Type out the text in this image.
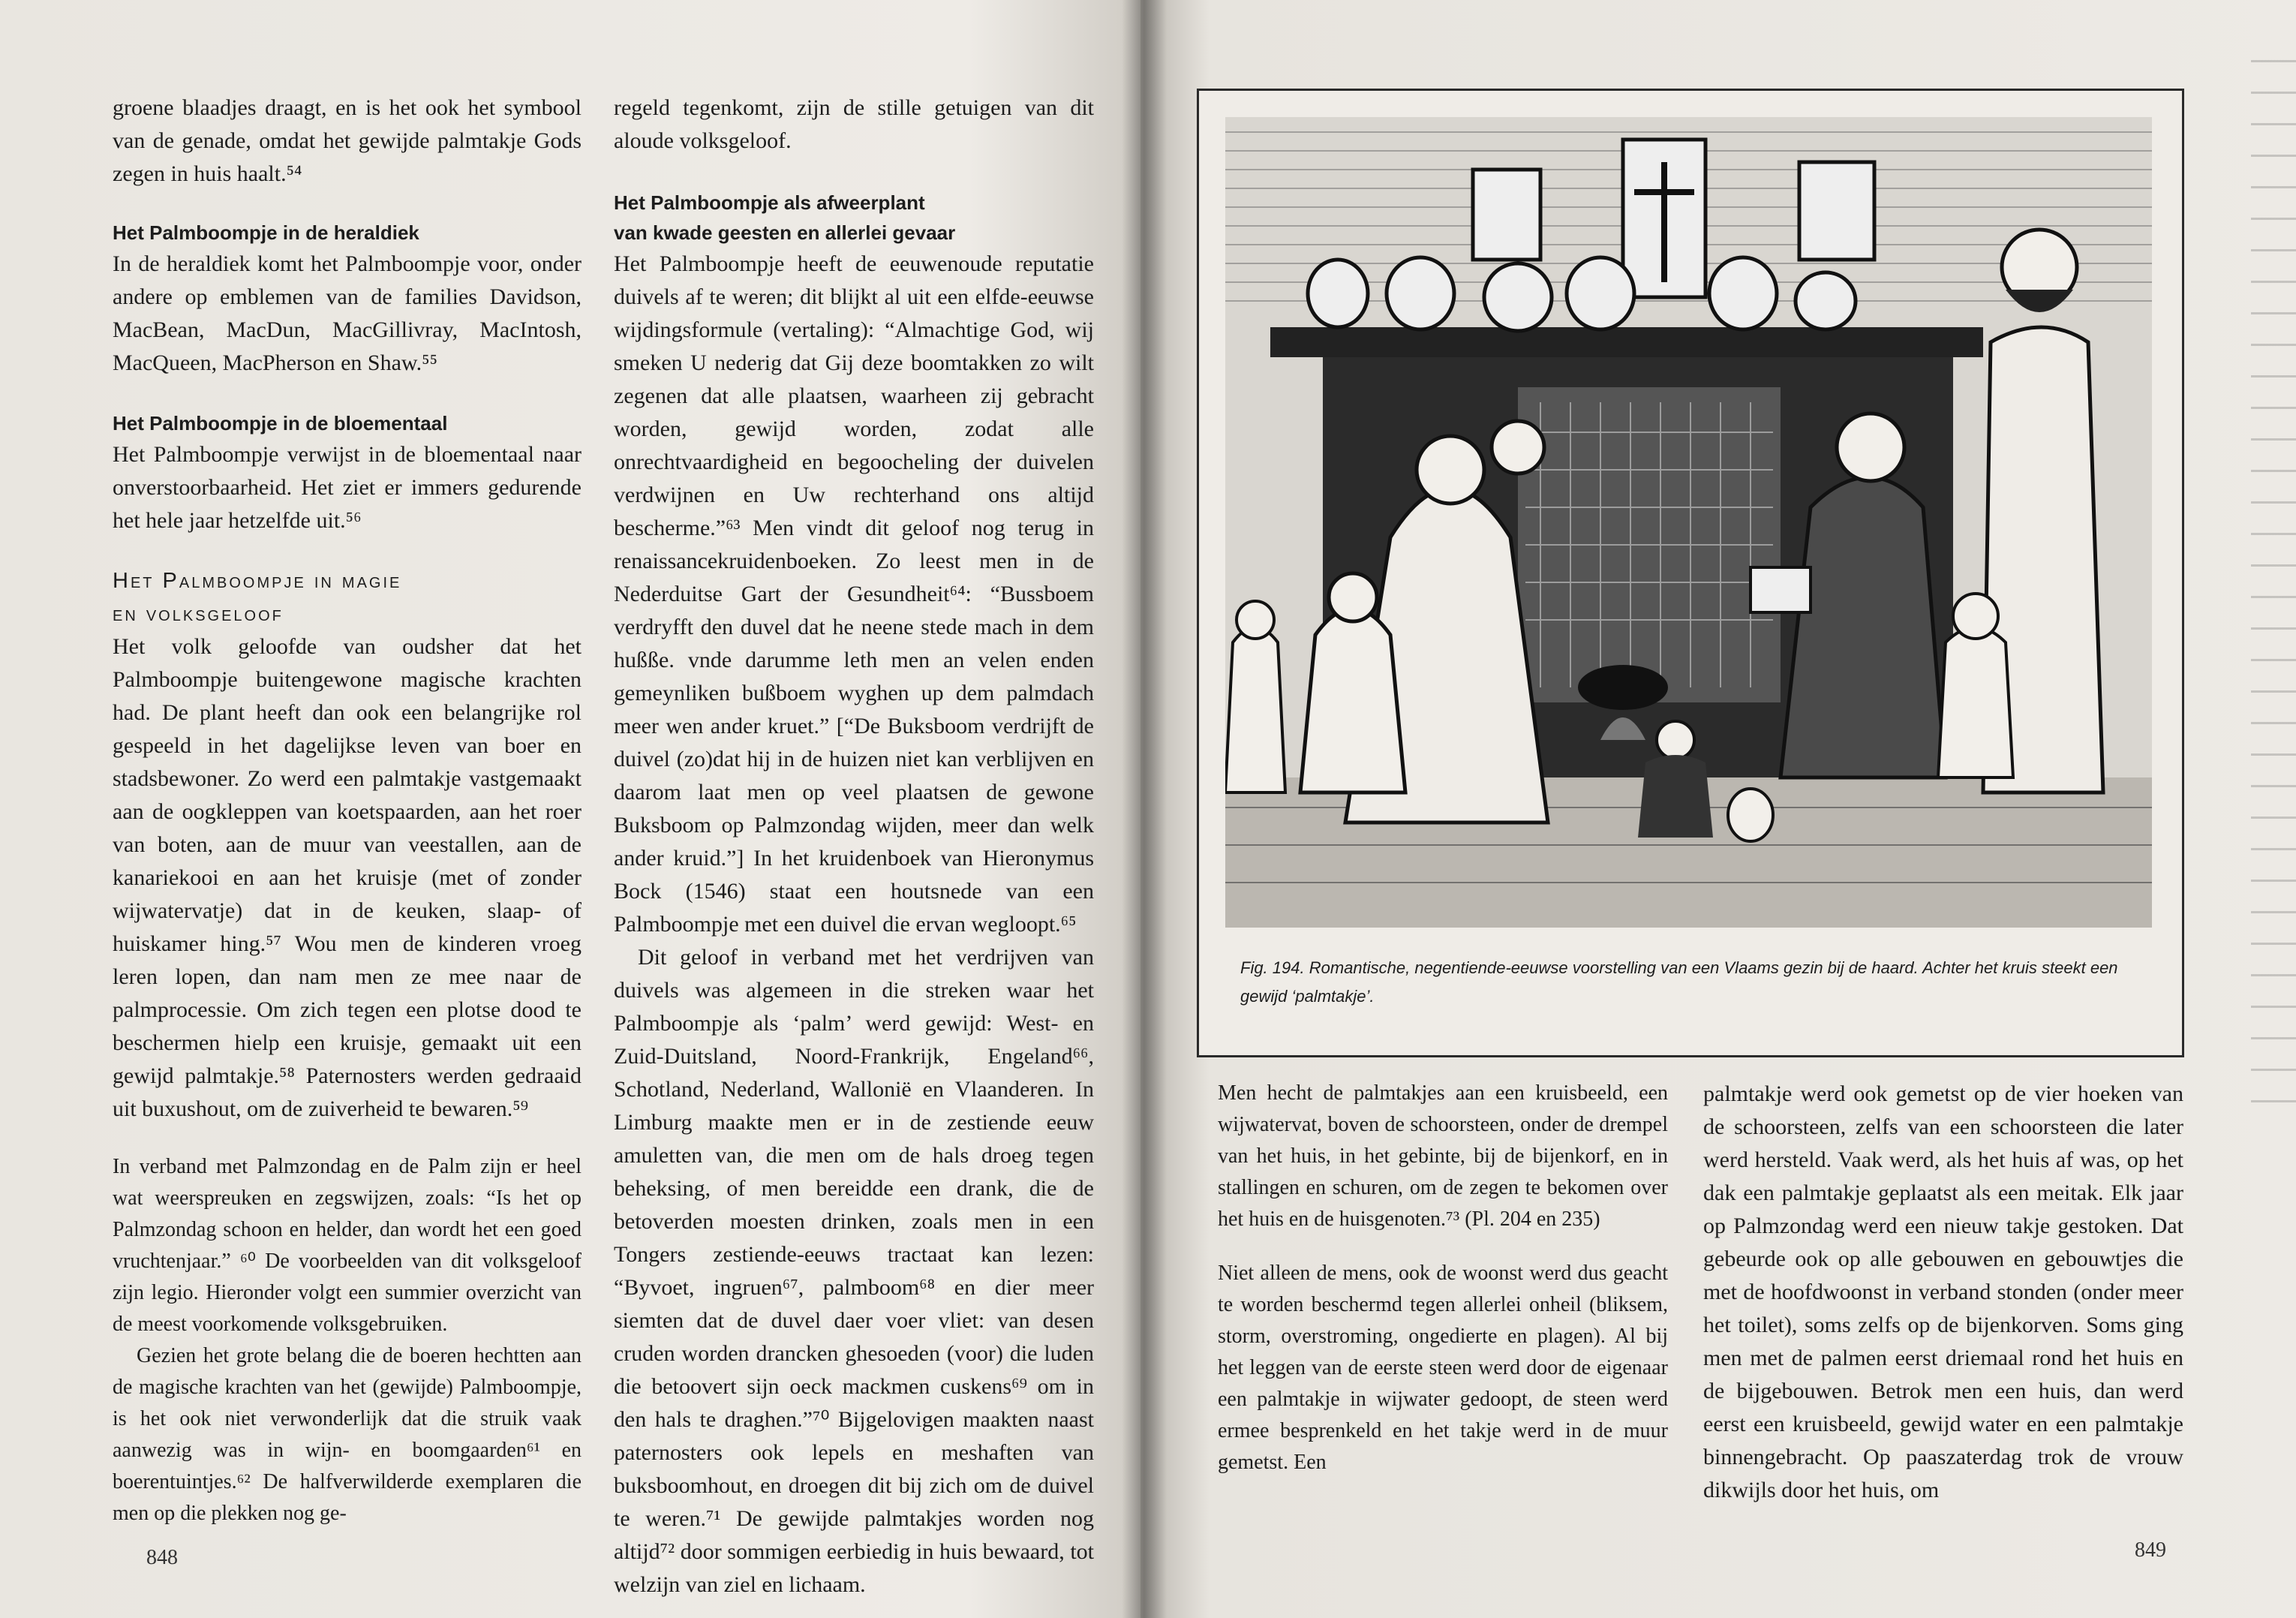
groene blaadjes draagt, en is het ook het symbool van de genade, omdat het gewijde palmtakje Gods zegen in huis haalt.⁵⁴

Het Palmboompje in de heraldiek

In de heraldiek komt het Palmboompje voor, onder andere op emblemen van de families Davidson, MacBean, MacDun, MacGillivray, MacIntosh, MacQueen, MacPherson en Shaw.⁵⁵

Het Palmboompje in de bloementaal

Het Palmboompje verwijst in de bloementaal naar onverstoorbaarheid. Het ziet er immers gedurende het hele jaar hetzelfde uit.⁵⁶

Het Palmboompje in magie
en volksgeloof

Het volk geloofde van oudsher dat het Palmboompje buitengewone magische krachten had. De plant heeft dan ook een belangrijke rol gespeeld in het dagelijkse leven van boer en stadsbewoner. Zo werd een palmtakje vastgemaakt aan de oogkleppen van koetspaarden, aan het roer van boten, aan de muur van veestallen, aan de kanariekooi en aan het kruisje (met of zonder wijwatervatje) dat in de keuken, slaap- of huiskamer hing.⁵⁷ Wou men de kinderen vroeg leren lopen, dan nam men ze mee naar de palmprocessie. Om zich tegen een plotse dood te beschermen hielp een kruisje, gemaakt uit een gewijd palmtakje.⁵⁸ Paternosters werden gedraaid uit buxushout, om de zuiverheid te bewaren.⁵⁹

In verband met Palmzondag en de Palm zijn er heel wat weerspreuken en zegswijzen, zoals: “Is het op Palmzondag schoon en helder, dan wordt het een goed vruchtenjaar.” ⁶⁰ De voorbeelden van dit volksgeloof zijn legio. Hieronder volgt een summier overzicht van de meest voorkomende volksgebruiken.

Gezien het grote belang die de boeren hechtten aan de magische krachten van het (gewijde) Palmboompje, is het ook niet verwonderlijk dat die struik vaak aanwezig was in wijn- en boomgaarden⁶¹ en boerentuintjes.⁶² De halfverwilderde exemplaren die men op die plekken nog ge-

regeld tegenkomt, zijn de stille getuigen van dit aloude volksgeloof.

Het Palmboompje als afweerplant

van kwade geesten en allerlei gevaar

Het Palmboompje heeft de eeuwenoude reputatie duivels af te weren; dit blijkt al uit een elfde-eeuwse wijdingsformule (vertaling): “Almachtige God, wij smeken U nederig dat Gij deze boomtakken zo wilt zegenen dat alle plaatsen, waarheen zij gebracht worden, gewijd worden, zodat alle onrechtvaardigheid en begoocheling der duivelen verdwijnen en Uw rechterhand ons altijd bescherme.”⁶³ Men vindt dit geloof nog terug in renaissancekruidenboeken. Zo leest men in de Nederduitse Gart der Gesundheit⁶⁴: “Bussboem verdryfft den duvel dat he neene stede mach in dem hußße. vnde darumme leth men an velen enden gemeynliken bußboem wyghen up dem palmdach meer wen ander kruet.” [“De Buksboom verdrijft de duivel (zo)dat hij in de huizen niet kan verblijven en daarom laat men op veel plaatsen de gewone Buksboom op Palmzondag wijden, meer dan welk ander kruid.”] In het kruidenboek van Hieronymus Bock (1546) staat een houtsnede van een Palmboompje met een duivel die ervan wegloopt.⁶⁵

Dit geloof in verband met het verdrijven van duivels was algemeen in die streken waar het Palmboompje als ‘palm’ werd gewijd: West- en Zuid-Duitsland, Noord-Frankrijk, Engeland⁶⁶, Schotland, Nederland, Wallonië en Vlaanderen. In Limburg maakte men er in de zestiende eeuw amuletten van, die men om de hals droeg tegen beheksing, of men bereidde een drank, die de betoverden moesten drinken, zoals men in een Tongers zestiende-eeuws tractaat kan lezen: “Byvoet, ingruen⁶⁷, palmboom⁶⁸ en dier meer siemten dat de duvel daer voer vliet: van desen cruden worden drancken ghesoeden (voor) die luden die betoovert sijn oeck mackmen cuskens⁶⁹ om in den hals te draghen.”⁷⁰ Bijgelovigen maakten naast paternosters ook lepels en meshaften van buksboomhout, en droegen dit bij zich om de duivel te weren.⁷¹ De gewijde palmtakjes worden nog altijd⁷² door sommigen eerbiedig in huis bewaard, tot welzijn van ziel en lichaam.

848

Fig. 194. Romantische, negentiende-eeuwse voorstelling van een Vlaams gezin bij de haard. Achter het kruis steekt een gewijd ‘palmtakje’.

Men hecht de palmtakjes aan een kruisbeeld, een wijwatervat, boven de schoorsteen, onder de drempel van het huis, in het gebinte, bij de bijenkorf, en in stallingen en schuren, om de zegen te bekomen over het huis en de huisgenoten.⁷³ (Pl. 204 en 235)

Niet alleen de mens, ook de woonst werd dus geacht te worden beschermd tegen allerlei onheil (bliksem, storm, overstroming, ongedierte en plagen). Al bij het leggen van de eerste steen werd door de eigenaar een palmtakje in wijwater gedoopt, de steen werd ermee besprenkeld en het takje werd in de muur gemetst. Een

palmtakje werd ook gemetst op de vier hoeken van de schoorsteen, zelfs van een schoorsteen die later werd hersteld. Vaak werd, als het huis af was, op het dak een palmtakje geplaatst als een meitak. Elk jaar op Palmzondag werd een nieuw takje gestoken. Dat gebeurde ook op alle gebouwen en gebouwtjes die met de hoofdwoonst in verband stonden (onder meer het toilet), soms zelfs op de bijenkorven. Soms ging men met de palmen eerst driemaal rond het huis en de bijgebouwen. Betrok men een huis, dan werd eerst een kruisbeeld, gewijd water en een palmtakje binnengebracht. Op paaszaterdag trok de vrouw dikwijls door het huis, om

849
